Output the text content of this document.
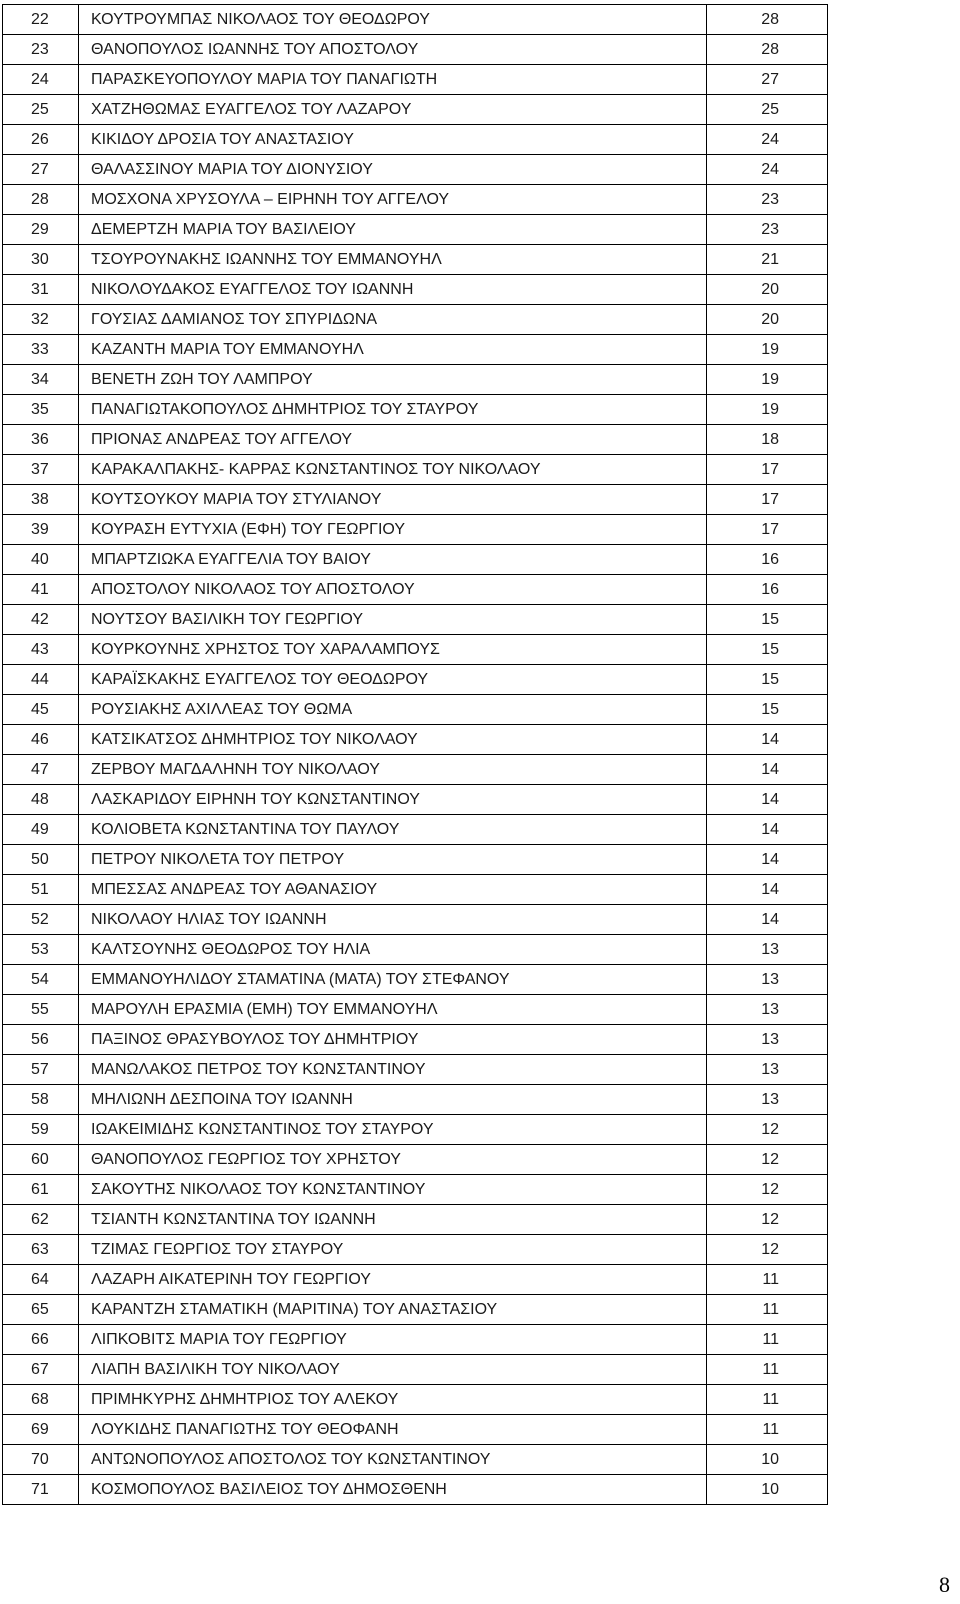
22	ΚΟΥΤΡΟΥΜΠΑΣ ΝΙΚΟΛΑΟΣ ΤΟΥ ΘΕΟΔΩΡΟΥ	28
23	ΘΑΝΟΠΟΥΛΟΣ ΙΩΑΝΝΗΣ ΤΟΥ ΑΠΟΣΤΟΛΟΥ	28
24	ΠΑΡΑΣΚΕΥΟΠΟΥΛΟΥ ΜΑΡΙΑ ΤΟΥ ΠΑΝΑΓΙΩΤΗ	27
25	ΧΑΤΖΗΘΩΜΑΣ ΕΥΑΓΓΕΛΟΣ ΤΟΥ ΛΑΖΑΡΟΥ	25
26	ΚΙΚΙΔΟΥ ΔΡΟΣΙΑ ΤΟΥ ΑΝΑΣΤΑΣΙΟΥ	24
27	ΘΑΛΑΣΣΙΝΟΥ ΜΑΡΙΑ ΤΟΥ ΔΙΟΝΥΣΙΟΥ	24
28	ΜΟΣΧΟΝΑ ΧΡΥΣΟΥΛΑ – ΕΙΡΗΝΗ ΤΟΥ ΑΓΓΕΛΟΥ	23
29	ΔΕΜΕΡΤΖΗ ΜΑΡΙΑ ΤΟΥ ΒΑΣΙΛΕΙΟΥ	23
30	ΤΣΟΥΡΟΥΝΑΚΗΣ ΙΩΑΝΝΗΣ ΤΟΥ ΕΜΜΑΝΟΥΗΛ	21
31	ΝΙΚΟΛΟΥΔΑΚΟΣ ΕΥΑΓΓΕΛΟΣ ΤΟΥ ΙΩΑΝΝΗ	20
32	ΓΟΥΣΙΑΣ ΔΑΜΙΑΝΟΣ ΤΟΥ ΣΠΥΡΙΔΩΝΑ	20
33	ΚΑΖΑΝΤΗ ΜΑΡΙΑ ΤΟΥ ΕΜΜΑΝΟΥΗΛ	19
34	ΒΕΝΕΤΗ ΖΩΗ ΤΟΥ ΛΑΜΠΡΟΥ	19
35	ΠΑΝΑΓΙΩΤΑΚΟΠΟΥΛΟΣ ΔΗΜΗΤΡΙΟΣ ΤΟΥ ΣΤΑΥΡΟΥ	19
36	ΠΡΙΟΝΑΣ ΑΝΔΡΕΑΣ ΤΟΥ ΑΓΓΕΛΟΥ	18
37	ΚΑΡΑΚΑΛΠΑΚΗΣ- ΚΑΡΡΑΣ ΚΩΝΣΤΑΝΤΙΝΟΣ ΤΟΥ ΝΙΚΟΛΑΟΥ	17
38	ΚΟΥΤΣΟΥΚΟΥ ΜΑΡΙΑ ΤΟΥ ΣΤΥΛΙΑΝΟΥ	17
39	ΚΟΥΡΑΣΗ ΕΥΤΥΧΙΑ (ΕΦΗ) ΤΟΥ ΓΕΩΡΓΙΟΥ	17
40	ΜΠΑΡΤΖΙΩΚΑ ΕΥΑΓΓΕΛΙΑ ΤΟΥ ΒΑΙΟΥ	16
41	ΑΠΟΣΤΟΛΟΥ ΝΙΚΟΛΑΟΣ ΤΟΥ ΑΠΟΣΤΟΛΟΥ	16
42	ΝΟΥΤΣΟΥ ΒΑΣΙΛΙΚΗ ΤΟΥ ΓΕΩΡΓΙΟΥ	15
43	ΚΟΥΡΚΟΥΝΗΣ ΧΡΗΣΤΟΣ ΤΟΥ ΧΑΡΑΛΑΜΠΟΥΣ	15
44	ΚΑΡΑΪΣΚΑΚΗΣ ΕΥΑΓΓΕΛΟΣ ΤΟΥ ΘΕΟΔΩΡΟΥ	15
45	ΡΟΥΣΙΑΚΗΣ ΑΧΙΛΛΕΑΣ ΤΟΥ ΘΩΜΑ	15
46	ΚΑΤΣΙΚΑΤΣΟΣ ΔΗΜΗΤΡΙΟΣ ΤΟΥ ΝΙΚΟΛΑΟΥ	14
47	ΖΕΡΒΟΥ ΜΑΓΔΑΛΗΝΗ ΤΟΥ ΝΙΚΟΛΑΟΥ	14
48	ΛΑΣΚΑΡΙΔΟΥ ΕΙΡΗΝΗ ΤΟΥ ΚΩΝΣΤΑΝΤΙΝΟΥ	14
49	ΚΟΛΙΟΒΕΤΑ ΚΩΝΣΤΑΝΤΙΝΑ ΤΟΥ ΠΑΥΛΟΥ	14
50	ΠΕΤΡΟΥ ΝΙΚΟΛΕΤΑ ΤΟΥ ΠΕΤΡΟΥ	14
51	ΜΠΕΣΣΑΣ ΑΝΔΡΕΑΣ ΤΟΥ ΑΘΑΝΑΣΙΟΥ	14
52	ΝΙΚΟΛΑΟΥ ΗΛΙΑΣ ΤΟΥ ΙΩΑΝΝΗ	14
53	ΚΑΛΤΣΟΥΝΗΣ ΘΕΟΔΩΡΟΣ ΤΟΥ ΗΛΙΑ	13
54	ΕΜΜΑΝΟΥΗΛΙΔΟΥ ΣΤΑΜΑΤΙΝΑ (ΜΑΤΑ) ΤΟΥ ΣΤΕΦΑΝΟΥ	13
55	ΜΑΡΟΥΛΗ ΕΡΑΣΜΙΑ (ΕΜΗ) ΤΟΥ ΕΜΜΑΝΟΥΗΛ	13
56	ΠΑΞΙΝΟΣ ΘΡΑΣΥΒΟΥΛΟΣ ΤΟΥ ΔΗΜΗΤΡΙΟΥ	13
57	ΜΑΝΩΛΑΚΟΣ ΠΕΤΡΟΣ ΤΟΥ ΚΩΝΣΤΑΝΤΙΝΟΥ	13
58	ΜΗΛΙΩΝΗ ΔΕΣΠΟΙΝΑ ΤΟΥ ΙΩΑΝΝΗ	13
59	ΙΩΑΚΕΙΜΙΔΗΣ ΚΩΝΣΤΑΝΤΙΝΟΣ ΤΟΥ ΣΤΑΥΡΟΥ	12
60	ΘΑΝΟΠΟΥΛΟΣ ΓΕΩΡΓΙΟΣ ΤΟΥ ΧΡΗΣΤΟΥ	12
61	ΣΑΚΟΥΤΗΣ ΝΙΚΟΛΑΟΣ ΤΟΥ ΚΩΝΣΤΑΝΤΙΝΟΥ	12
62	ΤΣΙΑΝΤΗ ΚΩΝΣΤΑΝΤΙΝΑ ΤΟΥ ΙΩΑΝΝΗ	12
63	ΤΖΙΜΑΣ ΓΕΩΡΓΙΟΣ ΤΟΥ ΣΤΑΥΡΟΥ	12
64	ΛΑΖΑΡΗ ΑΙΚΑΤΕΡΙΝΗ ΤΟΥ ΓΕΩΡΓΙΟΥ	11
65	ΚΑΡΑΝΤΖΗ ΣΤΑΜΑΤΙΚΗ (ΜΑΡΙΤΙΝΑ) ΤΟΥ ΑΝΑΣΤΑΣΙΟΥ	11
66	ΛΙΠΚΟΒΙΤΣ ΜΑΡΙΑ ΤΟΥ ΓΕΩΡΓΙΟΥ	11
67	ΛΙΑΠΗ ΒΑΣΙΛΙΚΗ ΤΟΥ ΝΙΚΟΛΑΟΥ	11
68	ΠΡΙΜΗΚΥΡΗΣ ΔΗΜΗΤΡΙΟΣ ΤΟΥ ΑΛΕΚΟΥ	11
69	ΛΟΥΚΙΔΗΣ ΠΑΝΑΓΙΩΤΗΣ ΤΟΥ ΘΕΟΦΑΝΗ	11
70	ΑΝΤΩΝΟΠΟΥΛΟΣ ΑΠΟΣΤΟΛΟΣ ΤΟΥ ΚΩΝΣΤΑΝΤΙΝΟΥ	10
71	ΚΟΣΜΟΠΟΥΛΟΣ ΒΑΣΙΛΕΙΟΣ ΤΟΥ ΔΗΜΟΣΘΕΝΗ	10
8
